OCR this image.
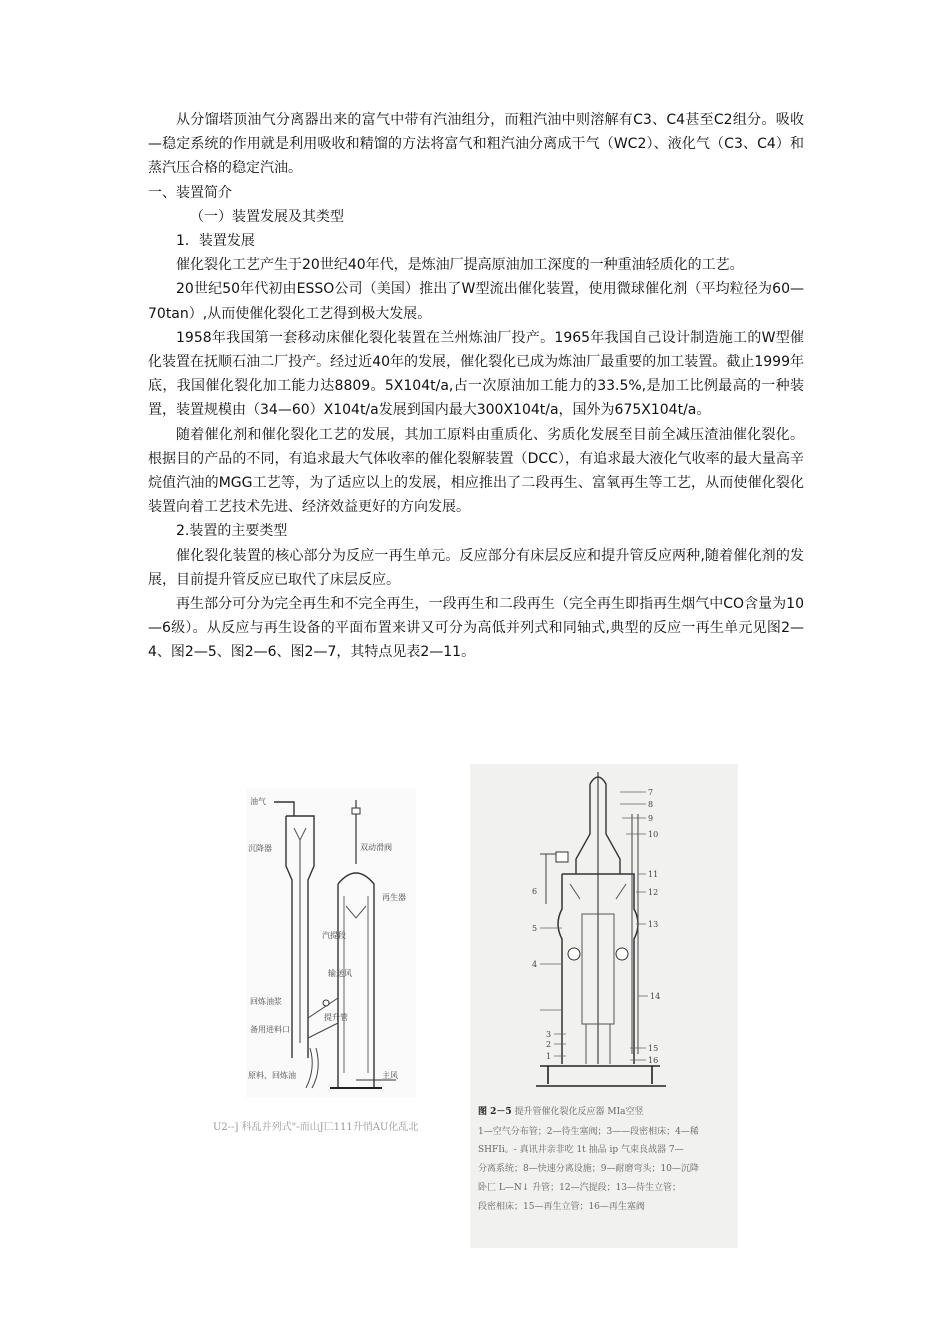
从分馏塔顶油气分离器出来的富气中带有汽油组分，而粗汽油中则溶解有C3、C4甚至C2组分。吸收—稳定系统的作用就是利用吸收和精馏的方法将富气和粗汽油分离成干气（WC2）、液化气（C3、C4）和蒸汽压合格的稳定汽油。

一、装置简介

（一）装置发展及其类型

1．装置发展

催化裂化工艺产生于20世纪40年代，是炼油厂提高原油加工深度的一种重油轻质化的工艺。

20世纪50年代初由ESSO公司（美国）推出了W型流出催化装置，使用微球催化剂（平均粒径为60—70tan）,从而使催化裂化工艺得到极大发展。

1958年我国第一套移动床催化裂化装置在兰州炼油厂投产。1965年我国自己设计制造施工的W型催化装置在抚顺石油二厂投产。经过近40年的发展，催化裂化已成为炼油厂最重要的加工装置。截止1999年底，我国催化裂化加工能力达8809。5X104t/a,占一次原油加工能力的33.5%,是加工比例最高的一种装置，装置规模由（34—60）X104t/a发展到国内最大300X104t/a，国外为675X104t/a。

随着催化剂和催化裂化工艺的发展，其加工原料由重质化、劣质化发展至目前全减压渣油催化裂化。根据目的产品的不同，有追求最大气体收率的催化裂解装置（DCC），有追求最大液化气收率的最大量高辛烷值汽油的MGG工艺等，为了适应以上的发展，相应推出了二段再生、富氧再生等工艺，从而使催化裂化装置向着工艺技术先进、经济效益更好的方向发展。

2.装置的主要类型

催化裂化装置的核心部分为反应一再生单元。反应部分有床层反应和提升管反应两种,随着催化剂的发展，目前提升管反应已取代了床层反应。

再生部分可分为完全再生和不完全再生，一段再生和二段再生（完全再生即指再生烟气中CO含量为10—6级）。从反应与再生设备的平面布置来讲又可分为高低并列式和同轴式,典型的反应一再生单元见图2—4、图2—5、图2—6、图2—7，其特点见表2—11。

油气
沉降器	双动滑阀
再生器
汽提段
输送风
提升管
回炼油浆
备用进料口
原料、回炼油	主风
U2--] 科乱并列式"-而山J匚111升悄AU化乱北
7
8
9
10
11
12
13
6
5
4
14
3
2
1
15
16
图 2－5 提升管催化裂化反应器 MIa空竖
1—空气分布管；2—待生塞阀；3——段密相床；4—稀
SHFIi。- 真讯井亲非吃 1t 抽品 ip 气束良战器 7—
分离系统；8—快速分离设施；9—耐磨弯头；10—沉降
卧匚 L—N↓ 升管；12—汽提段；13—待生立管；
段密相床；15—再生立管；16—再生塞阀
